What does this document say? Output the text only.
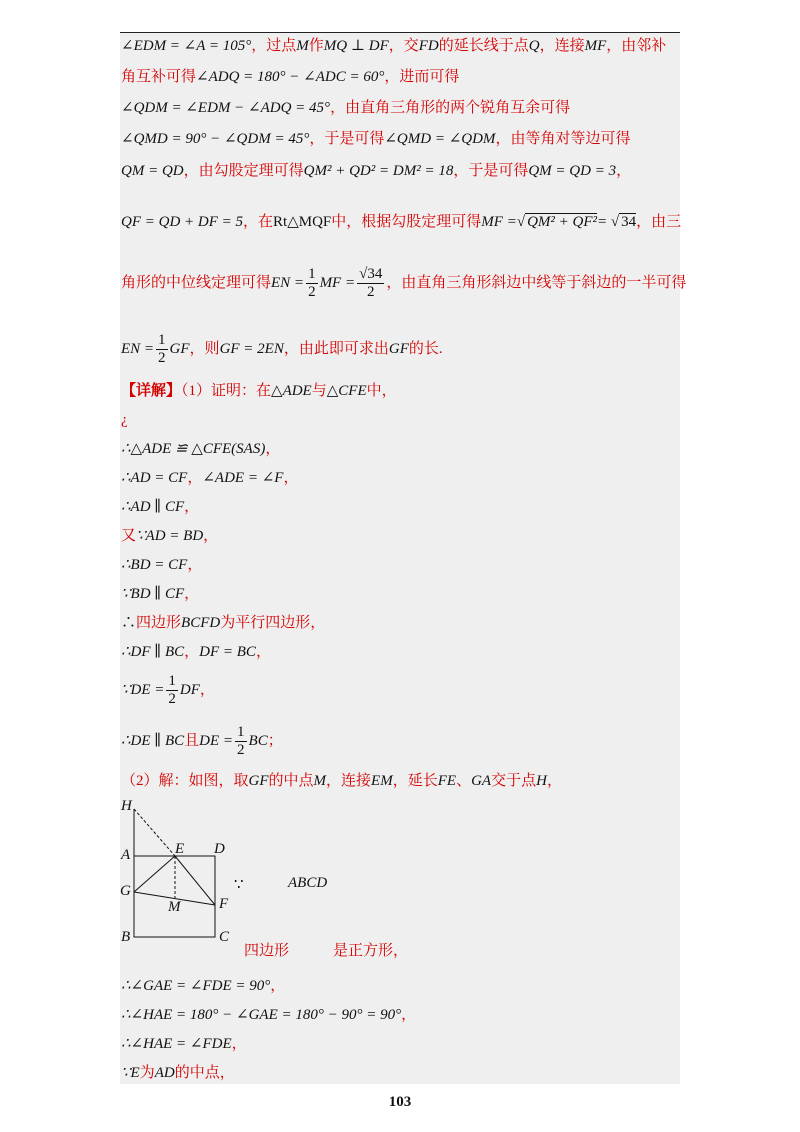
∠EDM = ∠A = 105°，过点M作MQ ⊥ DF，交FD的延长线于点Q，连接MF，由邻补
角互补可得∠ADQ = 180° − ∠ADC = 60°，进而可得
∠QDM = ∠EDM − ∠ADQ = 45°，由直角三角形的两个锐角互余可得
∠QMD = 90° − ∠QDM = 45°，于是可得∠QMD = ∠QDM，由等角对等边可得
QM = QD，由勾股定理可得QM² + QD² = DM² = 18，于是可得QM = QD = 3，
QF = QD + DF = 5，在Rt△MQF中，根据勾股定理可得MF =√ QM² + QF²= √ 34，由三
角形的中位线定理可得EN = $\frac{1}{2}$ MF = $\frac{√34}{2}$ ，由直角三角形斜边中线等于斜边的一半可得
EN = $\frac{1}{2}$ GF，则GF = 2EN，由此即可求出GF的长.
【详解】（1）证明：在△ADE与△CFE中，
¿
∴△ADE ≌ △CFE(SAS)，
∴AD = CF，∠ADE = ∠F，
∴AD ∥ CF，
又∵AD = BD，
∴BD = CF，
∵BD ∥ CF，
∴四边形BCFD为平行四边形，
∴DF ∥ BC，DF = BC，
∵DE = $\frac{1}{2}$ DF，
∴DE ∥ BC且DE = $\frac{1}{2}$ BC；
（2）解：如图，取GF的中点M，连接EM，延长FE、GA交于点H，
H
A	E D
G
M	F
B	C
∵	ABCD
四边形	是正方形，
∴∠GAE = ∠FDE = 90°，
∴∠HAE = 180° − ∠GAE = 180° − 90° = 90°，
∴∠HAE = ∠FDE，
∵E为AD的中点，
103
